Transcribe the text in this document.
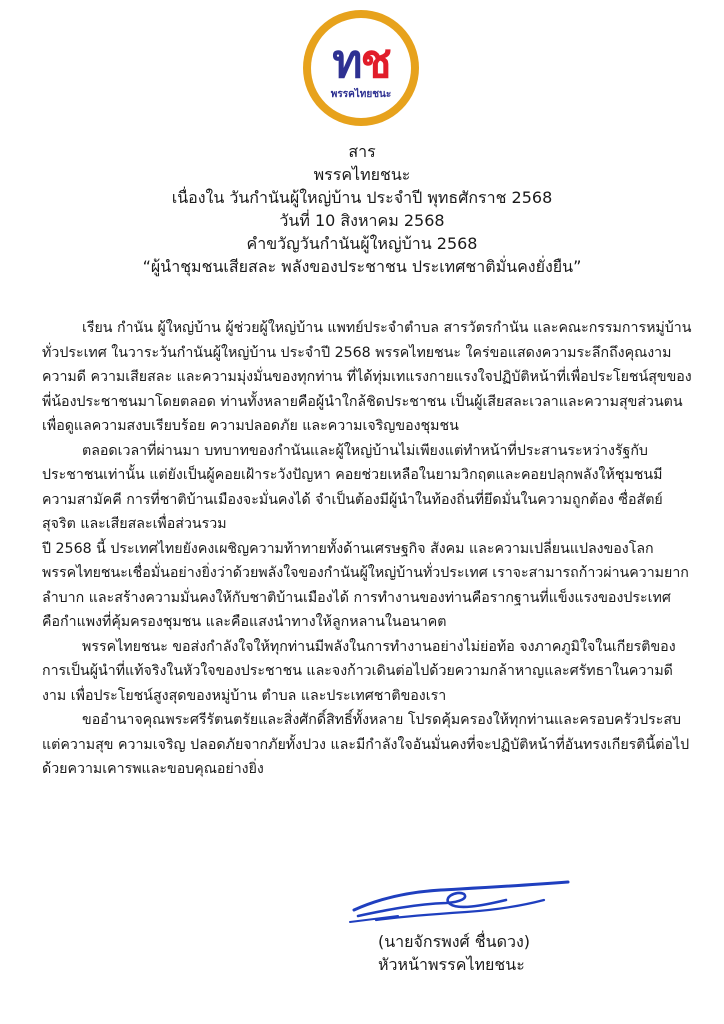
ทช
พรรคไทยชนะ
สาร
พรรคไทยชนะ
เนื่องใน วันกำนันผู้ใหญ่บ้าน ประจำปี พุทธศักราช 2568
วันที่ 10 สิงหาคม 2568
คำขวัญวันกำนันผู้ใหญ่บ้าน 2568
“ผู้นำชุมชนเสียสละ พลังของประชาชน ประเทศชาติมั่นคงยั่งยืน”

เรียน กำนัน ผู้ใหญ่บ้าน ผู้ช่วยผู้ใหญ่บ้าน แพทย์ประจำตำบล สารวัตรกำนัน และคณะกรรมการหมู่บ้านทั่วประเทศ ในวาระวันกำนันผู้ใหญ่บ้าน ประจำปี 2568 พรรคไทยชนะ ใคร่ขอแสดงความระลึกถึงคุณงามความดี ความเสียสละ และความมุ่งมั่นของทุกท่าน ที่ได้ทุ่มเทแรงกายแรงใจปฏิบัติหน้าที่เพื่อประโยชน์สุขของพี่น้องประชาชนมาโดยตลอด ท่านทั้งหลายคือผู้นำใกล้ชิดประชาชน เป็นผู้เสียสละเวลาและความสุขส่วนตน เพื่อดูแลความสงบเรียบร้อย ความปลอดภัย และความเจริญของชุมชน

ตลอดเวลาที่ผ่านมา บทบาทของกำนันและผู้ใหญ่บ้านไม่เพียงแต่ทำหน้าที่ประสานระหว่างรัฐกับประชาชนเท่านั้น แต่ยังเป็นผู้คอยเฝ้าระวังปัญหา คอยช่วยเหลือในยามวิกฤตและคอยปลุกพลังให้ชุมชนมีความสามัคคี การที่ชาติบ้านเมืองจะมั่นคงได้ จำเป็นต้องมีผู้นำในท้องถิ่นที่ยึดมั่นในความถูกต้อง ซื่อสัตย์สุจริต และเสียสละเพื่อส่วนรวม

ปี 2568 นี้ ประเทศไทยยังคงเผชิญความท้าทายทั้งด้านเศรษฐกิจ สังคม และความเปลี่ยนแปลงของโลก พรรคไทยชนะเชื่อมั่นอย่างยิ่งว่าด้วยพลังใจของกำนันผู้ใหญ่บ้านทั่วประเทศ เราจะสามารถก้าวผ่านความยากลำบาก และสร้างความมั่นคงให้กับชาติบ้านเมืองได้ การทำงานของท่านคือรากฐานที่แข็งแรงของประเทศ คือกำแพงที่คุ้มครองชุมชน และคือแสงนำทางให้ลูกหลานในอนาคต

พรรคไทยชนะ ขอส่งกำลังใจให้ทุกท่านมีพลังในการทำงานอย่างไม่ย่อท้อ จงภาคภูมิใจในเกียรติของการเป็นผู้นำที่แท้จริงในหัวใจของประชาชน และจงก้าวเดินต่อไปด้วยความกล้าหาญและศรัทธาในความดีงาม เพื่อประโยชน์สูงสุดของหมู่บ้าน ตำบล และประเทศชาติของเรา

ขออำนาจคุณพระศรีรัตนตรัยและสิ่งศักดิ์สิทธิ์ทั้งหลาย โปรดคุ้มครองให้ทุกท่านและครอบครัวประสบแต่ความสุข ความเจริญ ปลอดภัยจากภัยทั้งปวง และมีกำลังใจอันมั่นคงที่จะปฏิบัติหน้าที่อันทรงเกียรตินี้ต่อไปด้วยความเคารพและขอบคุณอย่างยิ่ง

(นายจักรพงศ์ ชื่นดวง)
หัวหน้าพรรคไทยชนะ
